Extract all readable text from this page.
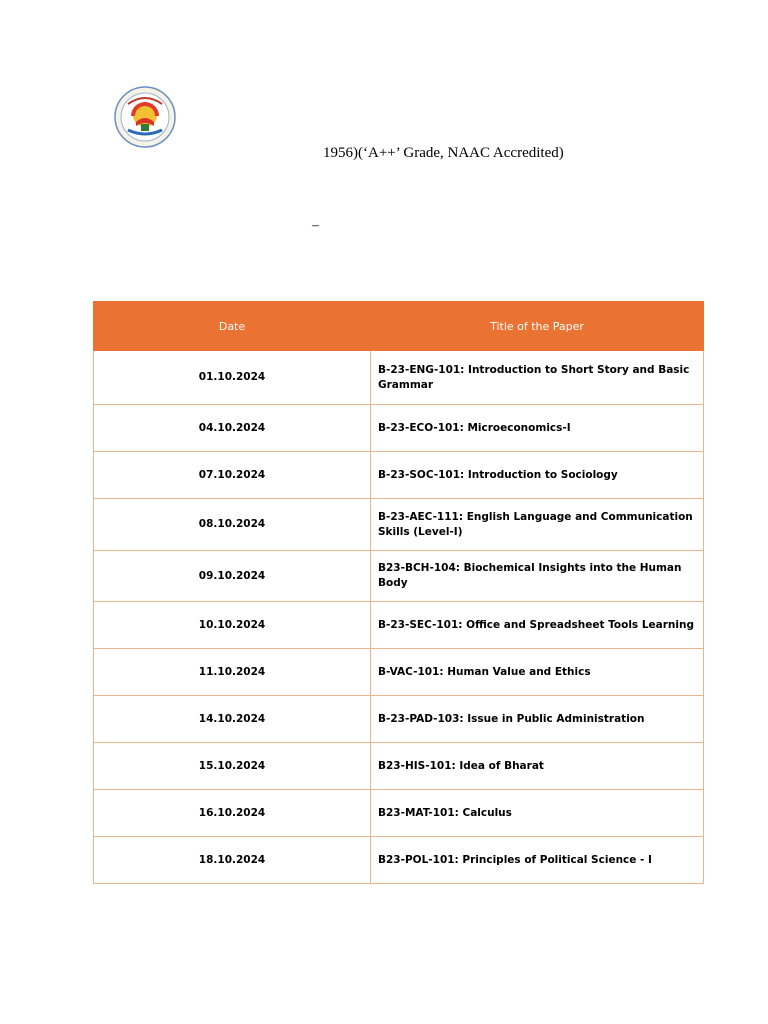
1956)(‘A++’ Grade, NAAC Accredited)
–
Date	Title of the Paper
01.10.2024	B-23-ENG-101: Introduction to Short Story and Basic Grammar
04.10.2024	B-23-ECO-101: Microeconomics-I
07.10.2024	B-23-SOC-101: Introduction to Sociology
08.10.2024	B-23-AEC-111: English Language and Communication Skills (Level-I)
09.10.2024	B23-BCH-104: Biochemical Insights into the Human Body
10.10.2024	B-23-SEC-101: Office and Spreadsheet Tools Learning
11.10.2024	B-VAC-101: Human Value and Ethics
14.10.2024	B-23-PAD-103: Issue in Public Administration
15.10.2024	B23-HIS-101: Idea of Bharat
16.10.2024	B23-MAT-101: Calculus
18.10.2024	B23-POL-101: Principles of Political Science - I
